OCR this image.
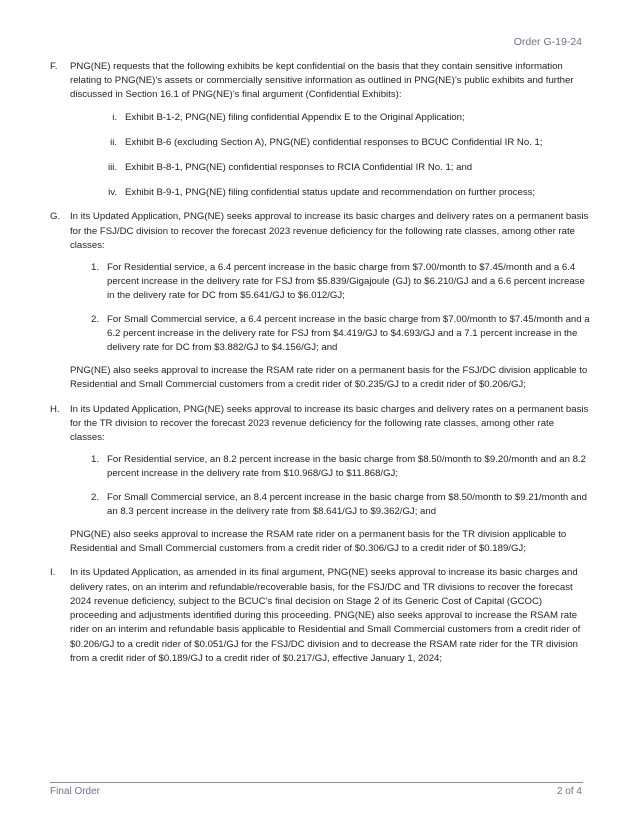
Order G-19-24
F. PNG(NE) requests that the following exhibits be kept confidential on the basis that they contain sensitive information relating to PNG(NE)’s assets or commercially sensitive information as outlined in PNG(NE)’s public exhibits and further discussed in Section 16.1 of PNG(NE)’s final argument (Confidential Exhibits):
i. Exhibit B-1-2, PNG(NE) filing confidential Appendix E to the Original Application;
ii. Exhibit B-6 (excluding Section A), PNG(NE) confidential responses to BCUC Confidential IR No. 1;
iii. Exhibit B-8-1, PNG(NE) confidential responses to RCIA Confidential IR No. 1; and
iv. Exhibit B-9-1, PNG(NE) filing confidential status update and recommendation on further process;
G. In its Updated Application, PNG(NE) seeks approval to increase its basic charges and delivery rates on a permanent basis for the FSJ/DC division to recover the forecast 2023 revenue deficiency for the following rate classes, among other rate classes:
1. For Residential service, a 6.4 percent increase in the basic charge from $7.00/month to $7.45/month and a 6.4 percent increase in the delivery rate for FSJ from $5.839/Gigajoule (GJ) to $6.210/GJ and a 6.6 percent increase in the delivery rate for DC from $5.641/GJ to $6.012/GJ;
2. For Small Commercial service, a 6.4 percent increase in the basic charge from $7.00/month to $7.45/month and a 6.2 percent increase in the delivery rate for FSJ from $4.419/GJ to $4.693/GJ and a 7.1 percent increase in the delivery rate for DC from $3.882/GJ to $4.156/GJ; and
PNG(NE) also seeks approval to increase the RSAM rate rider on a permanent basis for the FSJ/DC division applicable to Residential and Small Commercial customers from a credit rider of $0.235/GJ to a credit rider of $0.206/GJ;
H. In its Updated Application, PNG(NE) seeks approval to increase its basic charges and delivery rates on a permanent basis for the TR division to recover the forecast 2023 revenue deficiency for the following rate classes, among other rate classes:
1. For Residential service, an 8.2 percent increase in the basic charge from $8.50/month to $9.20/month and an 8.2 percent increase in the delivery rate from $10.968/GJ to $11.868/GJ;
2. For Small Commercial service, an 8.4 percent increase in the basic charge from $8.50/month to $9.21/month and an 8.3 percent increase in the delivery rate from $8.641/GJ to $9.362/GJ; and
PNG(NE) also seeks approval to increase the RSAM rate rider on a permanent basis for the TR division applicable to Residential and Small Commercial customers from a credit rider of $0.306/GJ to a credit rider of $0.189/GJ;
I. In its Updated Application, as amended in its final argument, PNG(NE) seeks approval to increase its basic charges and delivery rates, on an interim and refundable/recoverable basis, for the FSJ/DC and TR divisions to recover the forecast 2024 revenue deficiency, subject to the BCUC’s final decision on Stage 2 of its Generic Cost of Capital (GCOC) proceeding and adjustments identified during this proceeding. PNG(NE) also seeks approval to increase the RSAM rate rider on an interim and refundable basis applicable to Residential and Small Commercial customers from a credit rider of $0.206/GJ to a credit rider of $0.051/GJ for the FSJ/DC division and to decrease the RSAM rate rider for the TR division from a credit rider of $0.189/GJ to a credit rider of $0.217/GJ, effective January 1, 2024;
Final Order	2 of 4
